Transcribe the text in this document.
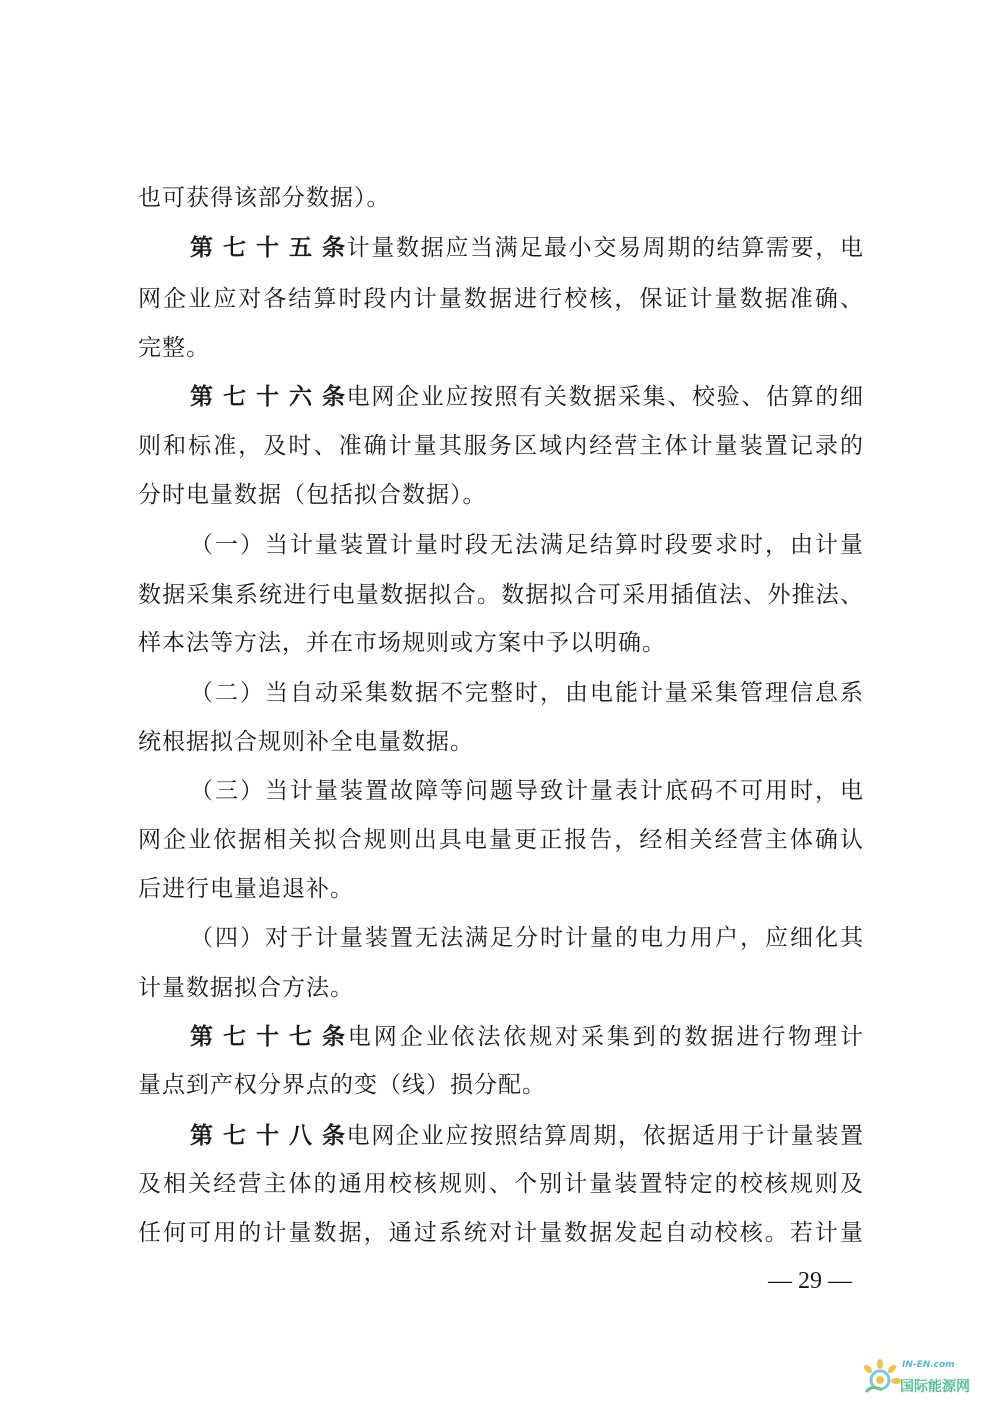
也可获得该部分数据）。
第七十五条计量数据应当满足最小交易周期的结算需要，电
网企业应对各结算时段内计量数据进行校核，保证计量数据准确、
完整。
第七十六条电网企业应按照有关数据采集、校验、估算的细
则和标准，及时、准确计量其服务区域内经营主体计量装置记录的
分时电量数据（包括拟合数据）。
（一）当计量装置计量时段无法满足结算时段要求时，由计量
数据采集系统进行电量数据拟合。数据拟合可采用插值法、外推法、
样本法等方法，并在市场规则或方案中予以明确。
（二）当自动采集数据不完整时，由电能计量采集管理信息系
统根据拟合规则补全电量数据。
（三）当计量装置故障等问题导致计量表计底码不可用时，电
网企业依据相关拟合规则出具电量更正报告，经相关经营主体确认
后进行电量追退补。
（四）对于计量装置无法满足分时计量的电力用户，应细化其
计量数据拟合方法。
第七十七条电网企业依法依规对采集到的数据进行物理计
量点到产权分界点的变（线）损分配。
第七十八条电网企业应按照结算周期，依据适用于计量装置
及相关经营主体的通用校核规则、个别计量装置特定的校核规则及
任何可用的计量数据，通过系统对计量数据发起自动校核。若计量
— 29 —
IN-EN.com
国际能源网
